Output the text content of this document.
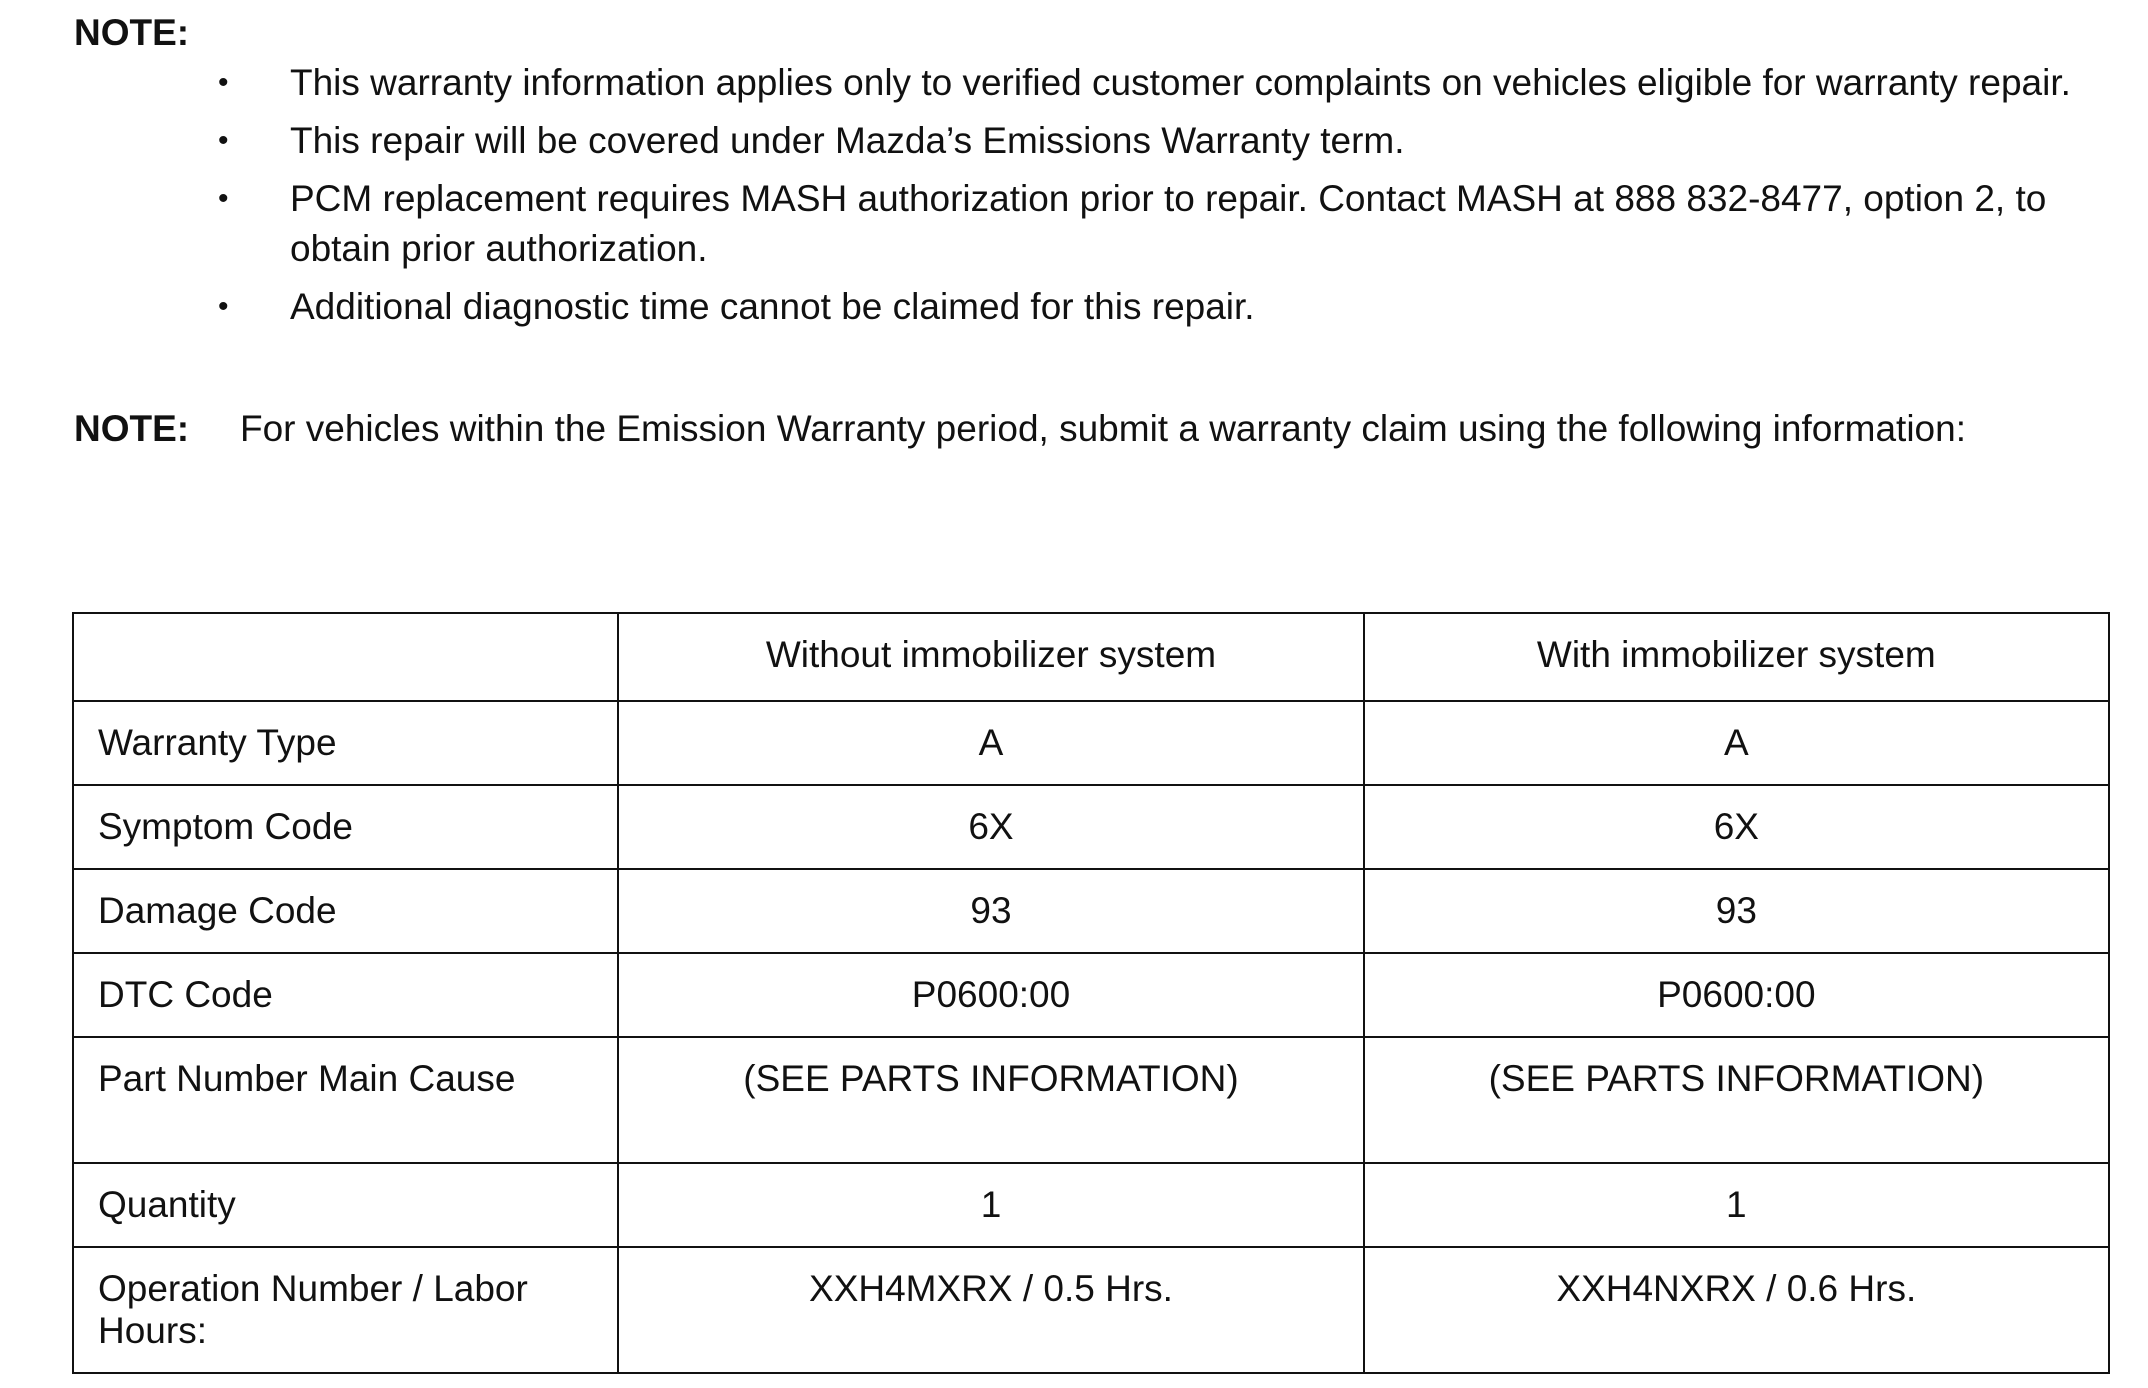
NOTE:
• This warranty information applies only to verified customer complaints on vehicles eligible for warranty repair.
• This repair will be covered under Mazda’s Emissions Warranty term.
• PCM replacement requires MASH authorization prior to repair. Contact MASH at 888 832-8477, option 2, to obtain prior authorization.
• Additional diagnostic time cannot be claimed for this repair.
NOTE: For vehicles within the Emission Warranty period, submit a warranty claim using the following information:
	Without immobilizer system	With immobilizer system
Warranty Type	A	A
Symptom Code	6X	6X
Damage Code	93	93
DTC Code	P0600:00	P0600:00
Part Number Main Cause	(SEE PARTS INFORMATION)	(SEE PARTS INFORMATION)
Quantity	1	1
Operation Number / Labor Hours:	XXH4MXRX / 0.5 Hrs.	XXH4NXRX / 0.6 Hrs.
